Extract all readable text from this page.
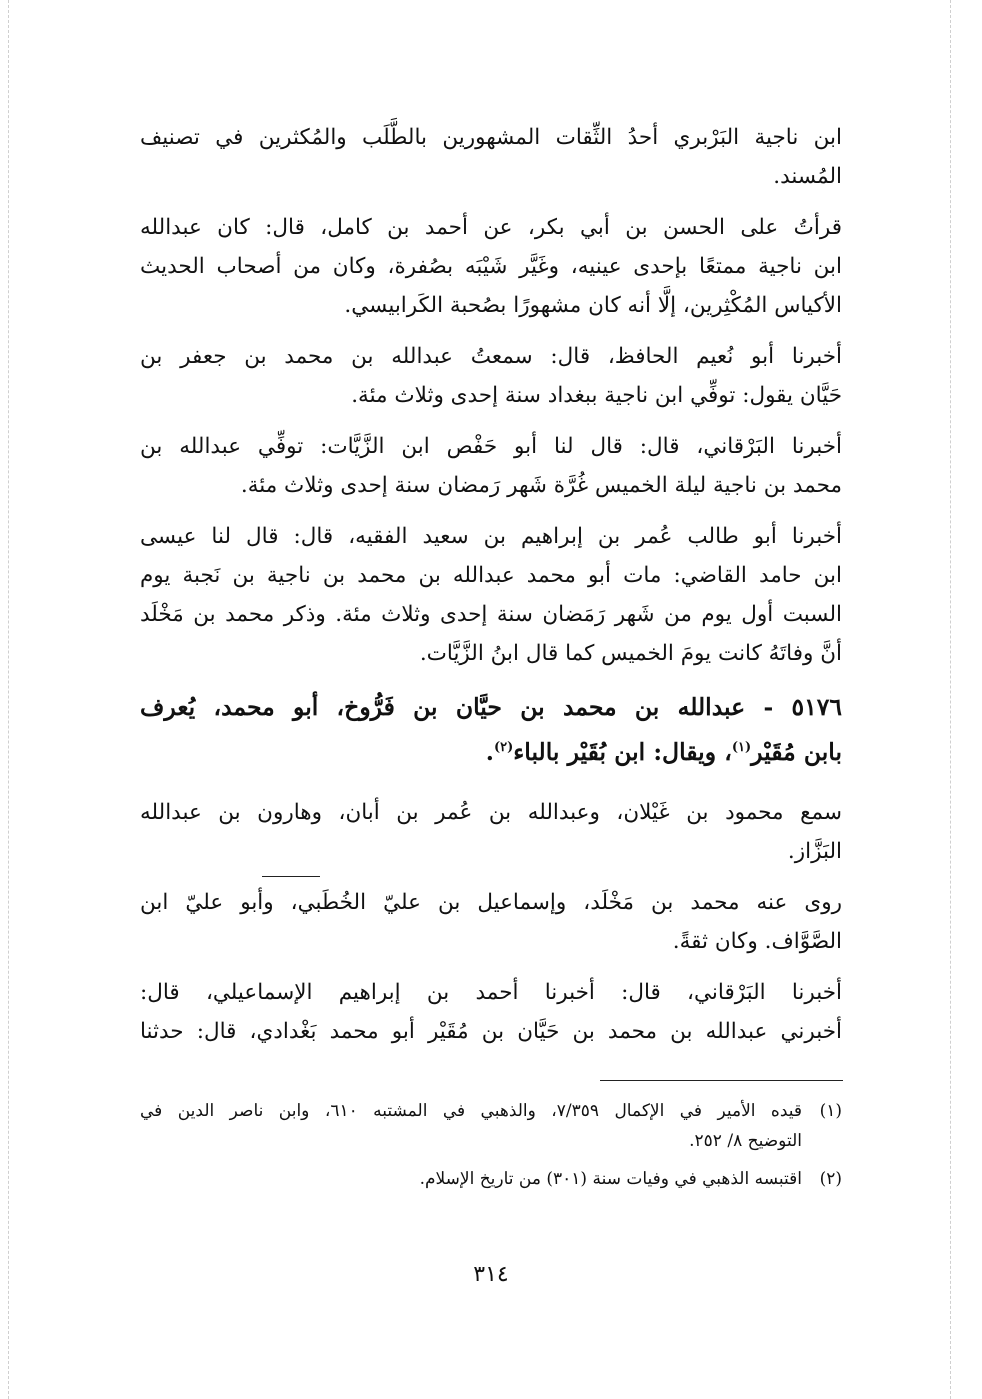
ابن ناجية البَرْبري أحدُ الثِّقات المشهورين بالطَّلَب والمُكثرين في تصنيف
المُسند.

قرأتُ على الحسن بن أبي بكر، عن أحمد بن كامل، قال: كان عبدالله
ابن ناجية ممتعًا بإحدى عينيه، وغَيَّر شَيْبَه بصُفرة، وكان من أصحاب الحديث
الأكياس المُكْثِرين، إلَّا أنه كان مشهورًا بصُحبة الكَرابيسي.

أخبرنا أبو نُعيم الحافظ، قال: سمعتُ عبدالله بن محمد بن جعفر بن
حَيَّان يقول: توفِّي ابن ناجية ببغداد سنة إحدى وثلاث مئة.

أخبرنا البَرْقاني، قال: قال لنا أبو حَفْص ابن الزَّيَّات: توفِّي عبدالله بن
محمد بن ناجية ليلة الخميس غُرَّة شَهر رَمضان سنة إحدى وثلاث مئة.

أخبرنا أبو طالب عُمر بن إبراهيم بن سعيد الفقيه، قال: قال لنا عيسى
ابن حامد القاضي: مات أبو محمد عبدالله بن محمد بن ناجية بن نَجبة يوم
السبت أول يوم من شَهر رَمَضان سنة إحدى وثلاث مئة. وذكر محمد بن مَخْلَد
أنَّ وفاتَهُ كانت يومَ الخميس كما قال ابنُ الزَّيَّات.

٥١٧٦ - عبدالله بن محمد بن حيَّان بن فَرُّوخ، أبو محمد، يُعرف
بابن مُقَيْر$^{(١)}$، ويقال: ابن بُقَيْر بالباء$^{(٢)}$.

سمع محمود بن غَيْلان، وعبدالله بن عُمر بن أبان، وهارون بن عبدالله
البَزَّاز.

روى عنه محمد بن مَخْلَد، وإسماعيل بن عليّ الخُطَبي، وأبو عليّ ابن
الصَّوَّاف. وكان ثقةً.

أخبرنا البَرْقاني، قال: أخبرنا أحمد بن إبراهيم الإسماعيلي، قال:
أخبرني عبدالله بن محمد بن حَيَّان بن مُقَيْر أبو محمد بَغْدادي، قال: حدثنا

(١)
قيده الأمير في الإكمال ٧/٣٥٩، والذهبي في المشتبه ٦١٠، وابن ناصر الدين في
التوضيح ٨/ ٢٥٢.
(٢)
اقتبسه الذهبي في وفيات سنة (٣٠١) من تاريخ الإسلام.
٣١٤
